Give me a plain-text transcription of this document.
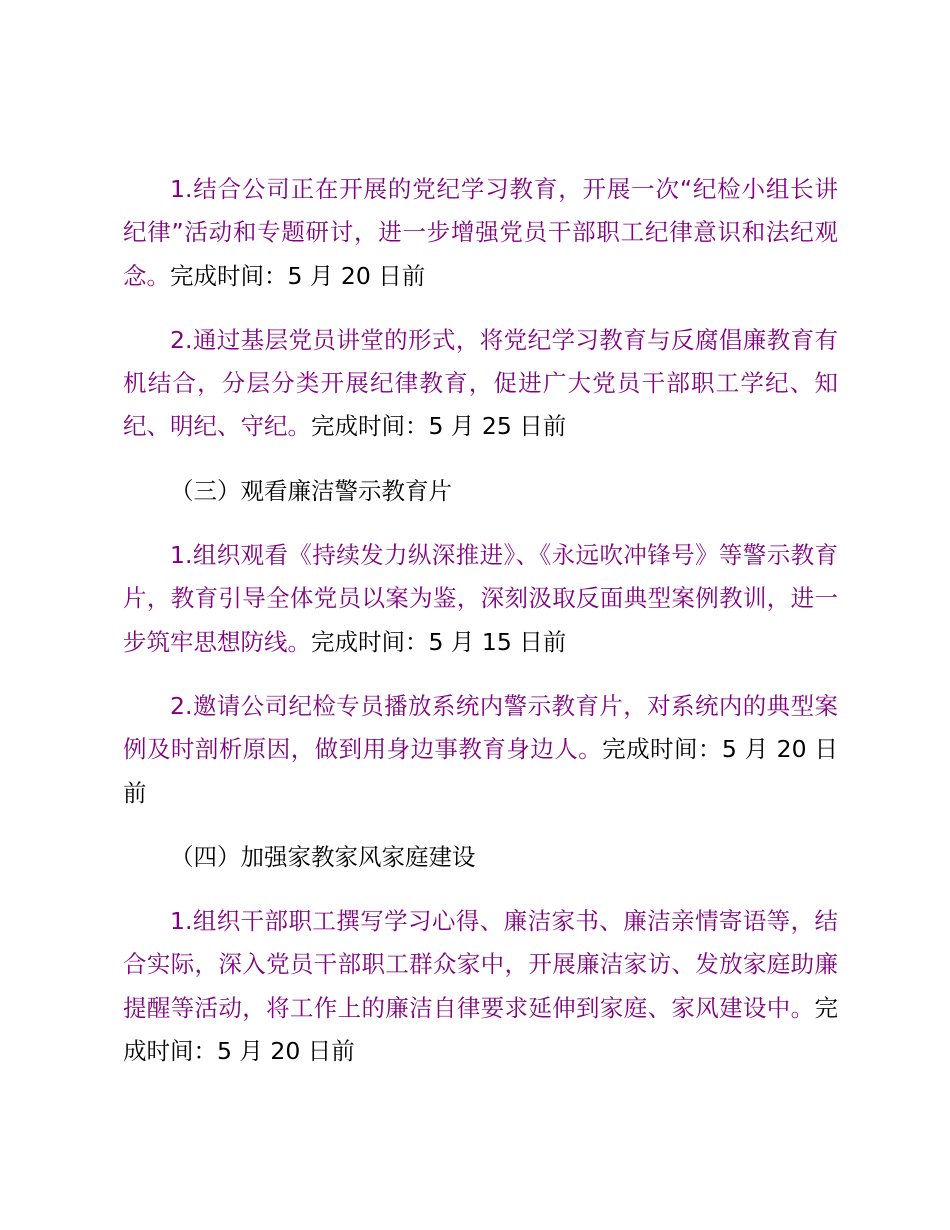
1.结合公司正在开展的党纪学习教育，开展一次“纪检小组长讲纪律”活动和专题研讨，进一步增强党员干部职工纪律意识和法纪观念。完成时间：5 月 20 日前

2.通过基层党员讲堂的形式，将党纪学习教育与反腐倡廉教育有机结合，分层分类开展纪律教育，促进广大党员干部职工学纪、知纪、明纪、守纪。完成时间：5 月 25 日前

（三）观看廉洁警示教育片

1.组织观看《持续发力纵深推进》、《永远吹冲锋号》等警示教育片，教育引导全体党员以案为鉴，深刻汲取反面典型案例教训，进一步筑牢思想防线。完成时间：5 月 15 日前

2.邀请公司纪检专员播放系统内警示教育片，对系统内的典型案例及时剖析原因，做到用身边事教育身边人。完成时间：5 月 20 日前

（四）加强家教家风家庭建设

1.组织干部职工撰写学习心得、廉洁家书、廉洁亲情寄语等，结合实际，深入党员干部职工群众家中，开展廉洁家访、发放家庭助廉提醒等活动，将工作上的廉洁自律要求延伸到家庭、家风建设中。完成时间：5 月 20 日前
